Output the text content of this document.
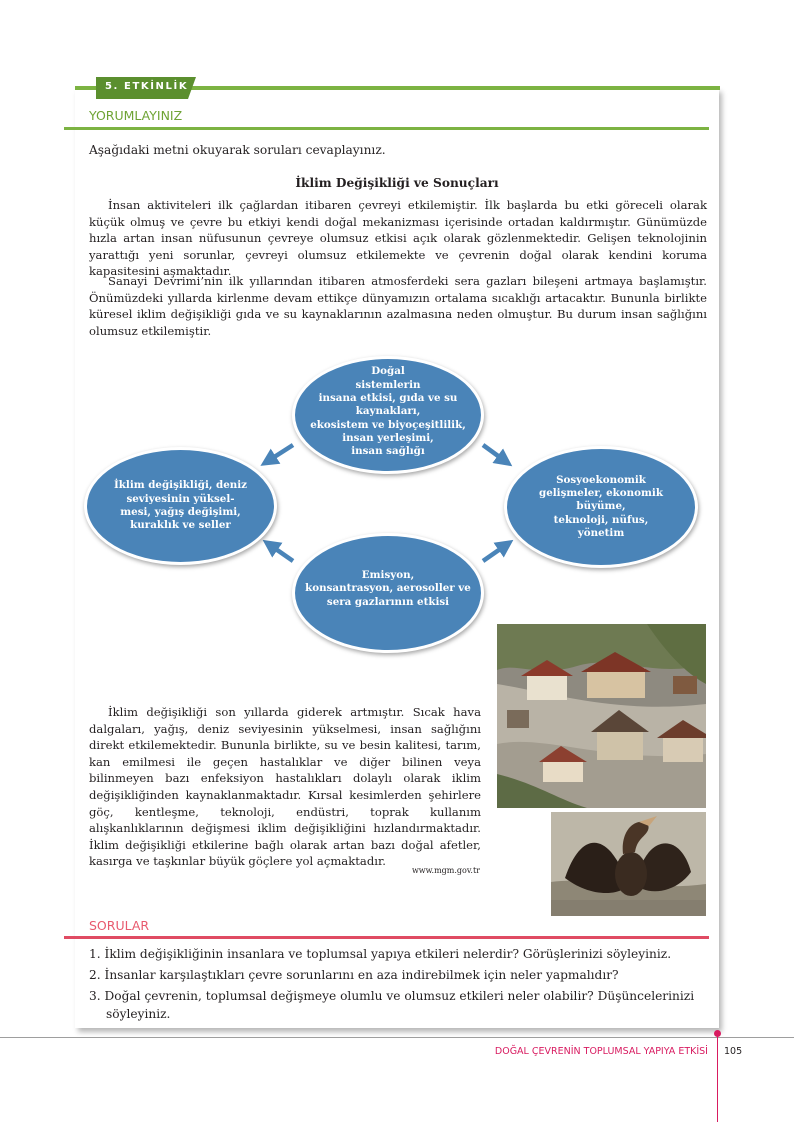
5. ETKİNLİK
YORUMLAYINIZ
Aşağıdaki metni okuyarak soruları cevaplayınız.
İklim Değişikliği ve Sonuçları

İnsan aktiviteleri ilk çağlardan itibaren çevreyi etkilemiştir. İlk başlarda bu etki göreceli olarak küçük olmuş ve çevre bu etkiyi kendi doğal mekanizması içerisinde ortadan kaldırmıştır. Günümüzde hızla artan insan nüfusunun çevreye olumsuz etkisi açık olarak gözlenmektedir. Gelişen teknolojinin yarattığı yeni sorunlar, çevreyi olumsuz etkilemekte ve çevrenin doğal olarak kendini koruma kapasitesini aşmaktadır.

Sanayi Devrimi’nin ilk yıllarından itibaren atmosferdeki sera gazları bileşeni artmaya başlamıştır. Önümüzdeki yıllarda kirlenme devam ettikçe dünyamızın ortalama sıcaklığı artacaktır. Bununla birlikte küresel iklim değişikliği gıda ve su kaynaklarının azalmasına neden olmuştur. Bu durum insan sağlığını olumsuz etkilemiştir.

Doğal
sistemlerin
insana etkisi, gıda ve su
kaynakları,
ekosistem ve biyoçeşitlilik,
insan yerleşimi,
insan sağlığı
İklim değişikliği, deniz
seviyesinin yüksel-
mesi, yağış değişimi,
kuraklık ve seller
Sosyoekonomik
gelişmeler, ekonomik
büyüme,
teknoloji, nüfus,
yönetim
Emisyon,
konsantrasyon, aerosoller ve
sera gazlarının etkisi

İklim değişikliği son yıllarda giderek artmıştır. Sıcak hava dalgaları, yağış, deniz seviyesinin yükselmesi, insan sağlığını direkt etkilemektedir. Bununla birlikte, su ve besin kalitesi, tarım, kan emilmesi ile geçen hastalıklar ve diğer bilinen veya bilinmeyen bazı enfeksiyon hastalıkları dolaylı olarak iklim değişikliğinden kaynaklanmaktadır. Kırsal kesimlerden şehirlere göç, kentleşme, teknoloji, endüstri, toprak kullanım alışkanlıklarının değişmesi iklim değişikliğini hızlandırmaktadır. İklim değişikliği etkilerine bağlı olarak artan bazı doğal afetler, kasırga ve taşkınlar büyük göçlere yol açmaktadır.

www.mgm.gov.tr
SORULAR

1. İklim değişikliğinin insanlara ve toplumsal yapıya etkileri nelerdir? Görüşlerinizi söyleyiniz.

2. İnsanlar karşılaştıkları çevre sorunlarını en aza indirebilmek için neler yapmalıdır?

3. Doğal çevrenin, toplumsal değişmeye olumlu ve olumsuz etkileri neler olabilir? Düşüncelerinizi söyleyiniz.

DOĞAL ÇEVRENİN TOPLUMSAL YAPIYA ETKİSİ 105
